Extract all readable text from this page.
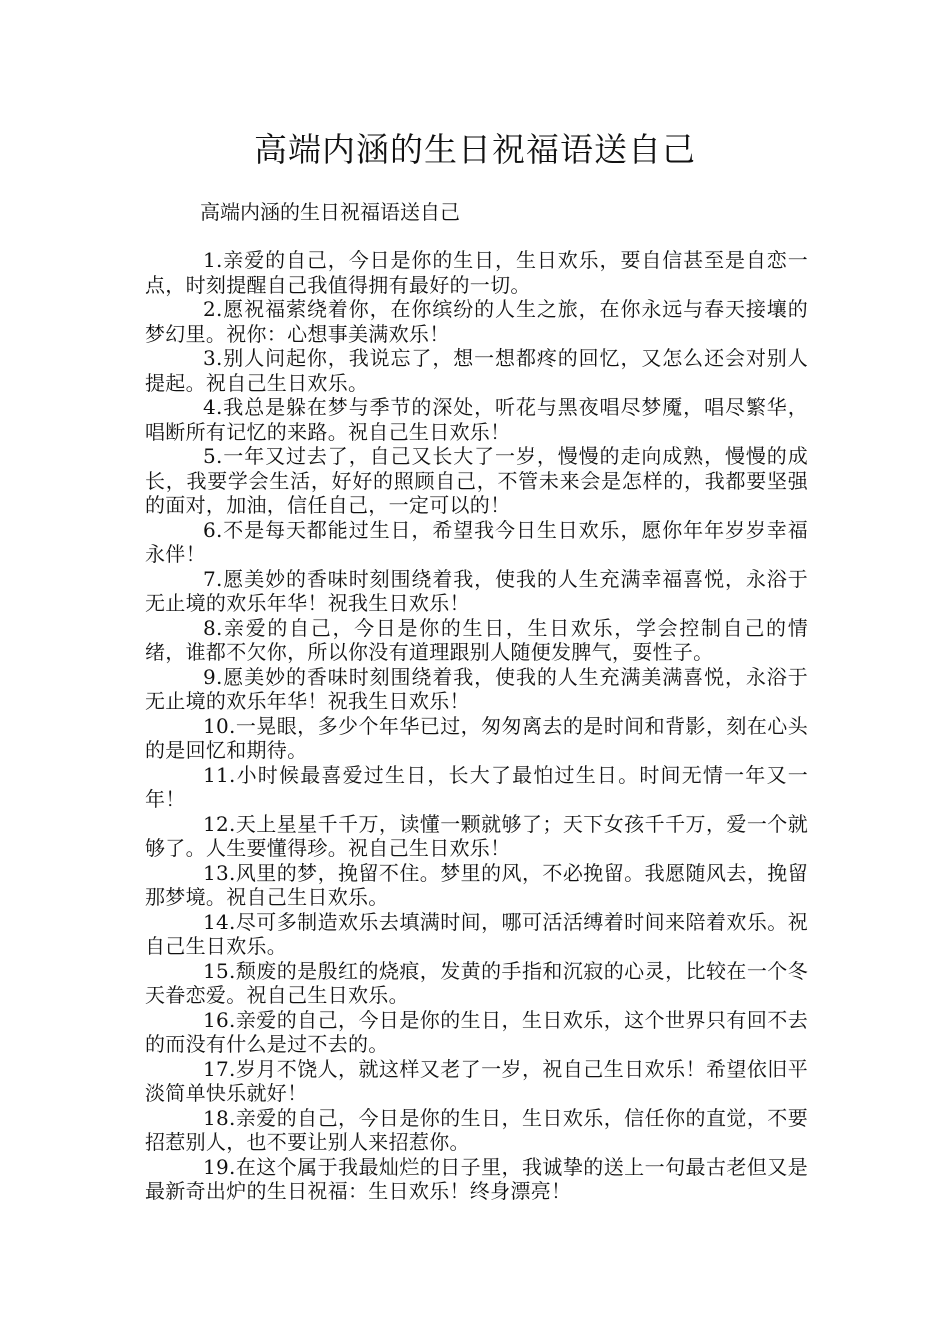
高端内涵的生日祝福语送自己

高端内涵的生日祝福语送自己

1.亲爱的自己，今日是你的生日，生日欢乐，要自信甚至是自恋一点，时刻提醒自己我值得拥有最好的一切。

2.愿祝福萦绕着你，在你缤纷的人生之旅，在你永远与春天接壤的梦幻里。祝你：心想事美满欢乐！

3.别人问起你，我说忘了，想一想都疼的回忆，又怎么还会对别人提起。祝自己生日欢乐。

4.我总是躲在梦与季节的深处，听花与黑夜唱尽梦魇，唱尽繁华，唱断所有记忆的来路。祝自己生日欢乐！

5.一年又过去了，自己又长大了一岁，慢慢的走向成熟，慢慢的成长，我要学会生活，好好的照顾自己，不管未来会是怎样的，我都要坚强的面对，加油，信任自己，一定可以的！

6.不是每天都能过生日，希望我今日生日欢乐，愿你年年岁岁幸福永伴！

7.愿美妙的香味时刻围绕着我，使我的人生充满幸福喜悦，永浴于无止境的欢乐年华！祝我生日欢乐！

8.亲爱的自己，今日是你的生日，生日欢乐，学会控制自己的情绪，谁都不欠你，所以你没有道理跟别人随便发脾气，耍性子。

9.愿美妙的香味时刻围绕着我，使我的人生充满美满喜悦，永浴于无止境的欢乐年华！祝我生日欢乐！

10.一晃眼，多少个年华已过，匆匆离去的是时间和背影，刻在心头的是回忆和期待。

11.小时候最喜爱过生日，长大了最怕过生日。时间无情一年又一年！

12.天上星星千千万，读懂一颗就够了；天下女孩千千万，爱一个就够了。人生要懂得珍。祝自己生日欢乐！

13.风里的梦，挽留不住。梦里的风，不必挽留。我愿随风去，挽留那梦境。祝自己生日欢乐。

14.尽可多制造欢乐去填满时间，哪可活活缚着时间来陪着欢乐。祝自己生日欢乐。

15.颓废的是殷红的烧痕，发黄的手指和沉寂的心灵，比较在一个冬天眷恋爱。祝自己生日欢乐。

16.亲爱的自己，今日是你的生日，生日欢乐，这个世界只有回不去的而没有什么是过不去的。

17.岁月不饶人，就这样又老了一岁，祝自己生日欢乐！希望依旧平淡简单快乐就好！

18.亲爱的自己，今日是你的生日，生日欢乐，信任你的直觉，不要招惹别人，也不要让别人来招惹你。

19.在这个属于我最灿烂的日子里，我诚挚的送上一句最古老但又是最新奇出炉的生日祝福：生日欢乐！终身漂亮！
